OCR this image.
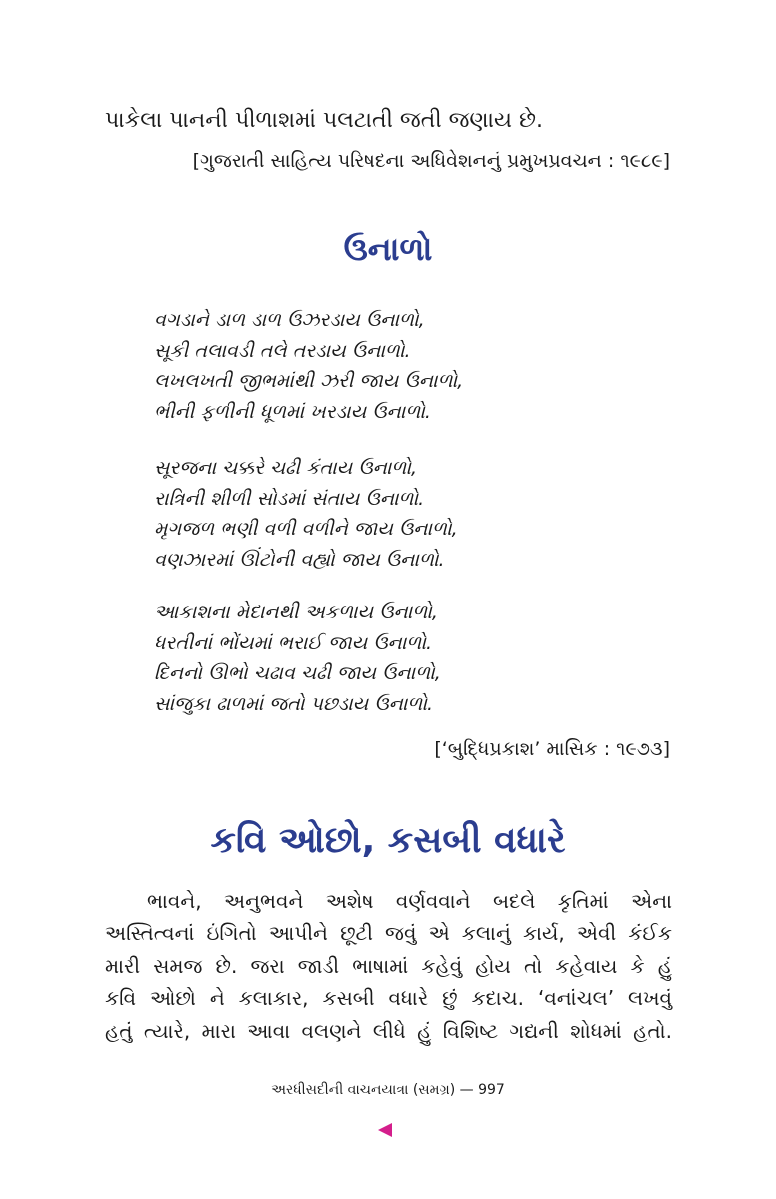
પાકેલા પાનની પીળાશમાં પલટાતી જતી જણાય છે.
[ગુજરાતી સાહિત્ય પરિષદના અધિવેશનનું પ્રમુખપ્રવચન : ૧૯૮૯]
ઉનાળો
વગડાને ડાળ ડાળ ઉઝરડાય ઉનાળો,
સૂકી તલાવડી તલે તરડાય ઉનાળો.
લખલખતી જીભમાંથી ઝરી જાય ઉનાળો,
ભીની ફળીની ધૂળમાં ખરડાય ઉનાળો.
સૂરજના ચક્કરે ચઢી કંતાય ઉનાળો,
રાત્રિની શીળી સોડમાં સંતાય ઉનાળો.
મૃગજળ ભણી વળી વળીને જાય ઉનાળો,
વણઝારમાં ઊંટોની વહ્યો જાય ઉનાળો.
આકાશના મેદાનથી અકળાય ઉનાળો,
ધરતીનાં ભોંયમાં ભરાઈ જાય ઉનાળો.
દિનનો ઊભો ચઢાવ ચઢી જાય ઉનાળો,
સાંજુકા ઢાળમાં જતો પછડાય ઉનાળો.
[‘બુદ્ધિપ્રકાશ’ માસિક : ૧૯૭૩]
કવિ ઓછો, કસબી વધારે
ભાવને, અનુભવને અશેષ વર્ણવવાને બદલે કૃતિમાં એના
અસ્તિત્વનાં ઇંગિતો આપીને છૂટી જવું એ કલાનું કાર્ય, એવી કંઈક
મારી સમજ છે. જરા જાડી ભાષામાં કહેવું હોય તો કહેવાય કે હું
કવિ ઓછો ને કલાકાર, કસબી વધારે છું કદાચ. ‘વનાંચલ’ લખવું
હતું ત્યારે, મારા આવા વલણને લીધે હું વિશિષ્ટ ગદ્યની શોધમાં હતો.
અરધીસદીની વાચનયાત્રા (સમગ્ર) — 997
